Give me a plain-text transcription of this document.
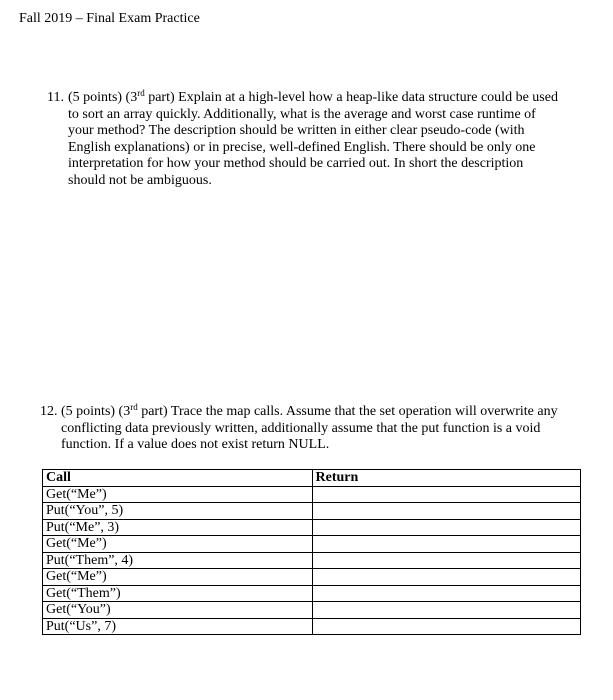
Fall 2019 – Final Exam Practice
11. (5 points) (3rd part) Explain at a high-level how a heap-like data structure could be used
to sort an array quickly. Additionally, what is the average and worst case runtime of
your method? The description should be written in either clear pseudo-code (with
English explanations) or in precise, well-defined English. There should be only one
interpretation for how your method should be carried out. In short the description
should not be ambiguous.
12. (5 points) (3rd part) Trace the map calls. Assume that the set operation will overwrite any
conflicting data previously written, additionally assume that the put function is a void
function. If a value does not exist return NULL.
Call	Return
Get(“Me”)	
Put(“You”, 5)	
Put(“Me”, 3)	
Get(“Me”)	
Put(“Them”, 4)	
Get(“Me”)	
Get(“Them”)	
Get(“You”)	
Put(“Us”, 7)	
